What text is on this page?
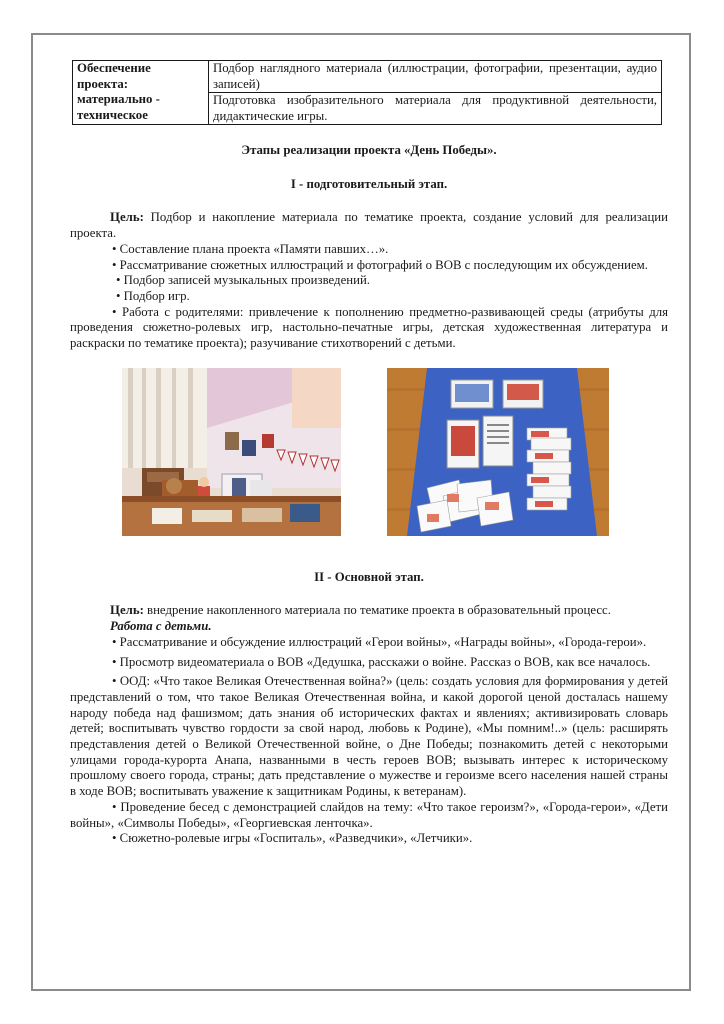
Обеспечение проекта: материально - техническое	Подбор наглядного материала (иллюстрации, фотографии, презентации, аудио записей)
Подготовка изобразительного материала для продуктивной деятельности, дидактические игры.

Этапы реализации проекта «День Победы».

I - подготовительный этап.

Цель: Подбор и накопление материала по тематике проекта, создание условий для реализации проекта.

• Составление плана проекта «Памяти павших…».

• Рассматривание сюжетных иллюстраций и фотографий о ВОВ с последующим их обсуждением.

• Подбор записей музыкальных произведений.

• Подбор игр.

• Работа с родителями: привлечение к пополнению предметно-развивающей среды (атрибуты для проведения сюжетно-ролевых игр, настольно-печатные игры, детская художественная литература и раскраски по тематике проекта); разучивание стихотворений с детьми.

II - Основной этап.

Цель: внедрение накопленного материала по тематике проекта в образовательный процесс.

Работа с детьми.

• Рассматривание и обсуждение иллюстраций «Герои войны», «Награды войны», «Города-герои».

• Просмотр видеоматериала о ВОВ «Дедушка, расскажи о войне. Рассказ о ВОВ, как все началось.

• ООД: «Что такое Великая Отечественная война?» (цель: создать условия для формирования у детей представлений о том, что такое Великая Отечественная война, и какой дорогой ценой досталась нашему народу победа над фашизмом; дать знания об исторических фактах и явлениях; активизировать словарь детей; воспитывать чувство гордости за свой народ, любовь к Родине), «Мы помним!..» (цель: расширять представления детей о Великой Отечественной войне, о Дне Победы; познакомить детей с некоторыми улицами города-курорта Анапа, названными в честь героев ВОВ; вызывать интерес к историческому прошлому своего города, страны; дать представление о мужестве и героизме всего населения нашей страны в ходе ВОВ; воспитывать уважение к защитникам Родины, к ветеранам).

• Проведение бесед с демонстрацией слайдов на тему: «Что такое героизм?», «Города-герои», «Дети войны», «Символы Победы», «Георгиевская ленточка».

• Сюжетно-ролевые игры «Госпиталь», «Разведчики», «Летчики».
